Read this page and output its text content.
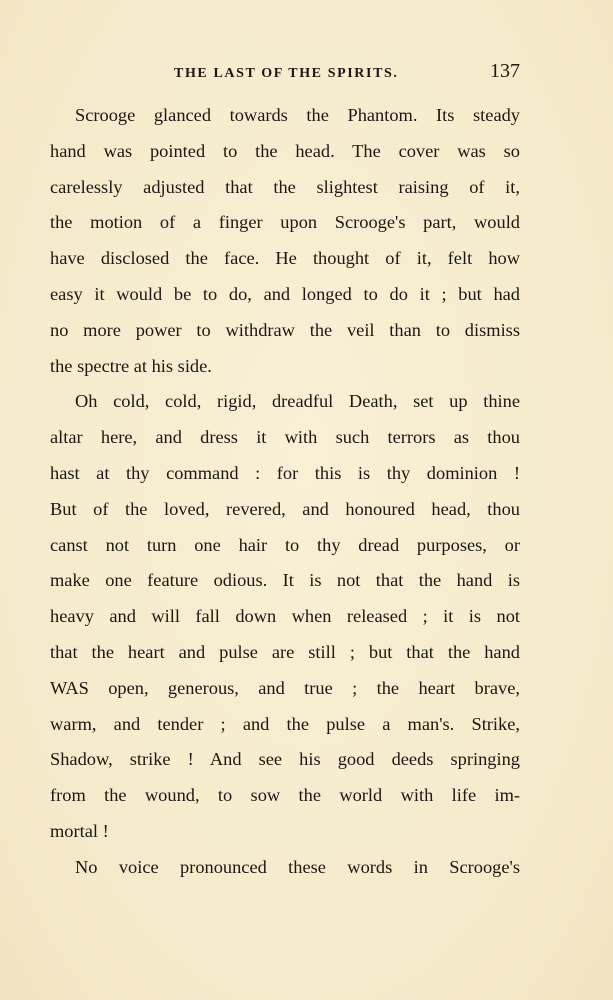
THE LAST OF THE SPIRITS.	137
Scrooge glanced towards the Phantom. Its steady
hand was pointed to the head. The cover was so
carelessly adjusted that the slightest raising of it,
the motion of a finger upon Scrooge's part, would
have disclosed the face. He thought of it, felt how
easy it would be to do, and longed to do it ; but had
no more power to withdraw the veil than to dismiss
the spectre at his side.
Oh cold, cold, rigid, dreadful Death, set up thine
altar here, and dress it with such terrors as thou
hast at thy command : for this is thy dominion !
But of the loved, revered, and honoured head, thou
canst not turn one hair to thy dread purposes, or
make one feature odious. It is not that the hand is
heavy and will fall down when released ; it is not
that the heart and pulse are still ; but that the hand
WAS open, generous, and true ; the heart brave,
warm, and tender ; and the pulse a man's. Strike,
Shadow, strike ! And see his good deeds springing
from the wound, to sow the world with life im-
mortal !
No voice pronounced these words in Scrooge's
